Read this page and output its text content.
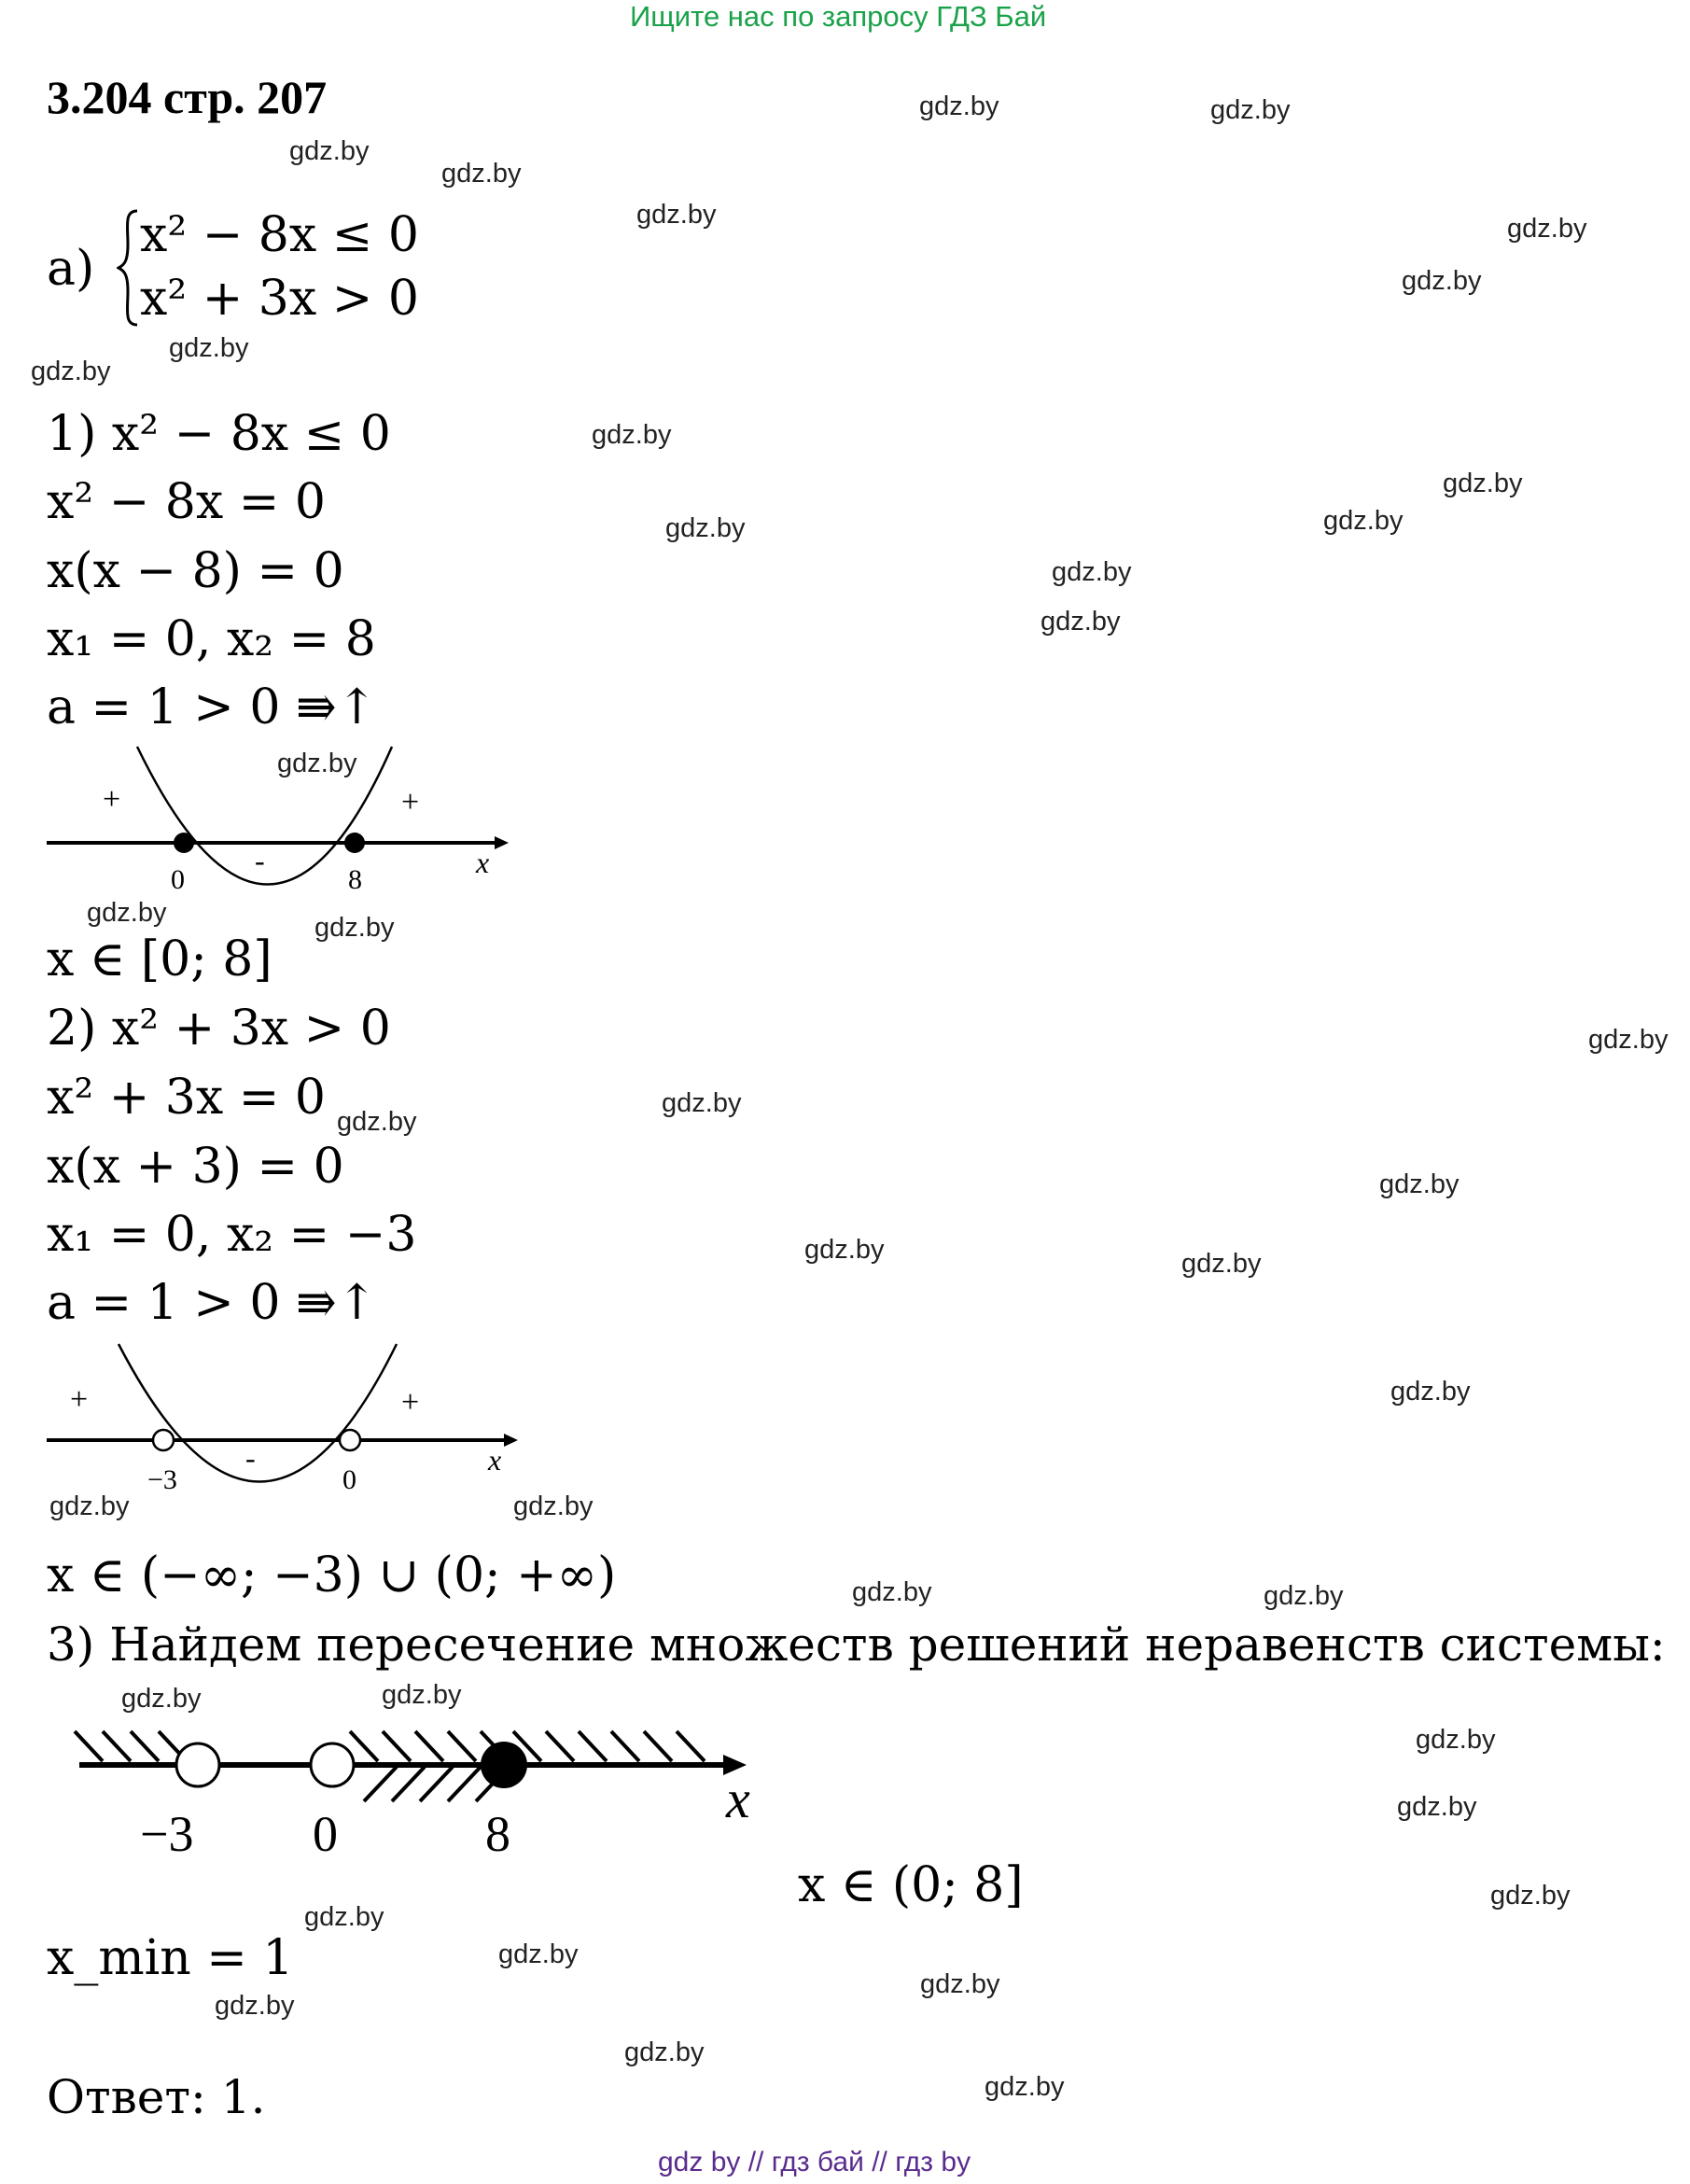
Ищите нас по запросу ГДЗ Бай
3.204 стр. 207
a)
x² − 8x ≤ 0
x² + 3x > 0
1) x² − 8x ≤ 0
x² − 8x = 0
x(x − 8) = 0
x₁ = 0, x₂ = 8
a = 1 > 0 ⇛↑
+
-
+
0	8
x
x ∈ [0; 8]
2) x² + 3x > 0
x² + 3x = 0
x(x + 3) = 0
x₁ = 0, x₂ = −3
a = 1 > 0 ⇛↑
+
-
+
−3	0
x
x ∈ (−∞; −3) ∪ (0; +∞)
3) Найдем пересечение множеств решений неравенств системы:
−3 0	8
x
x ∈ (0; 8]
x_min = 1
Ответ: 1.
gdz by // гдз бай // гдз by
gdz.by	gdz.by
gdz.by
gdz.by
gdz.by	gdz.by
gdz.by
gdz.by
gdz.by
gdz.by
gdz.by
gdz.by
gdz.by
gdz.by
gdz.by
gdz.by
gdz.by	gdz.by
gdz.by
gdz.by
gdz.by
gdz.by
gdz.by	gdz.by
gdz.by
gdz.by	gdz.by
gdz.by	gdz.by
gdz.by	gdz.by
gdz.by
gdz.by
gdz.by
gdz.by
gdz.by
gdz.by
gdz.by
gdz.by
gdz.by
